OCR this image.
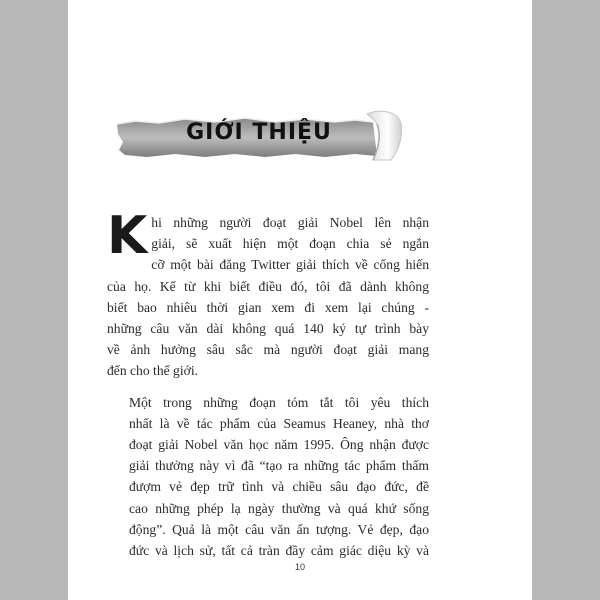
GIỚI THIỆU
K hi những người đoạt giải Nobel lên nhận
giải, sẽ xuất hiện một đoạn chia sẻ ngắn
cỡ một bài đăng Twitter giải thích về cống hiến
của họ. Kể từ khi biết điều đó, tôi đã dành không
biết bao nhiêu thời gian xem đi xem lại chúng -
những câu văn dài không quá 140 ký tự trình bày
về ảnh hưởng sâu sắc mà người đoạt giải mang
đến cho thế giới.
Một trong những đoạn tóm tắt tôi yêu thích
nhất là về tác phẩm của Seamus Heaney, nhà thơ
đoạt giải Nobel văn học năm 1995. Ông nhận được
giải thưởng này vì đã “tạo ra những tác phẩm thấm
đượm vẻ đẹp trữ tình và chiều sâu đạo đức, đề
cao những phép lạ ngày thường và quá khứ sống
động”. Quả là một câu văn ấn tượng. Vẻ đẹp, đạo
đức và lịch sử, tất cả tràn đầy cảm giác diệu kỳ và
10
